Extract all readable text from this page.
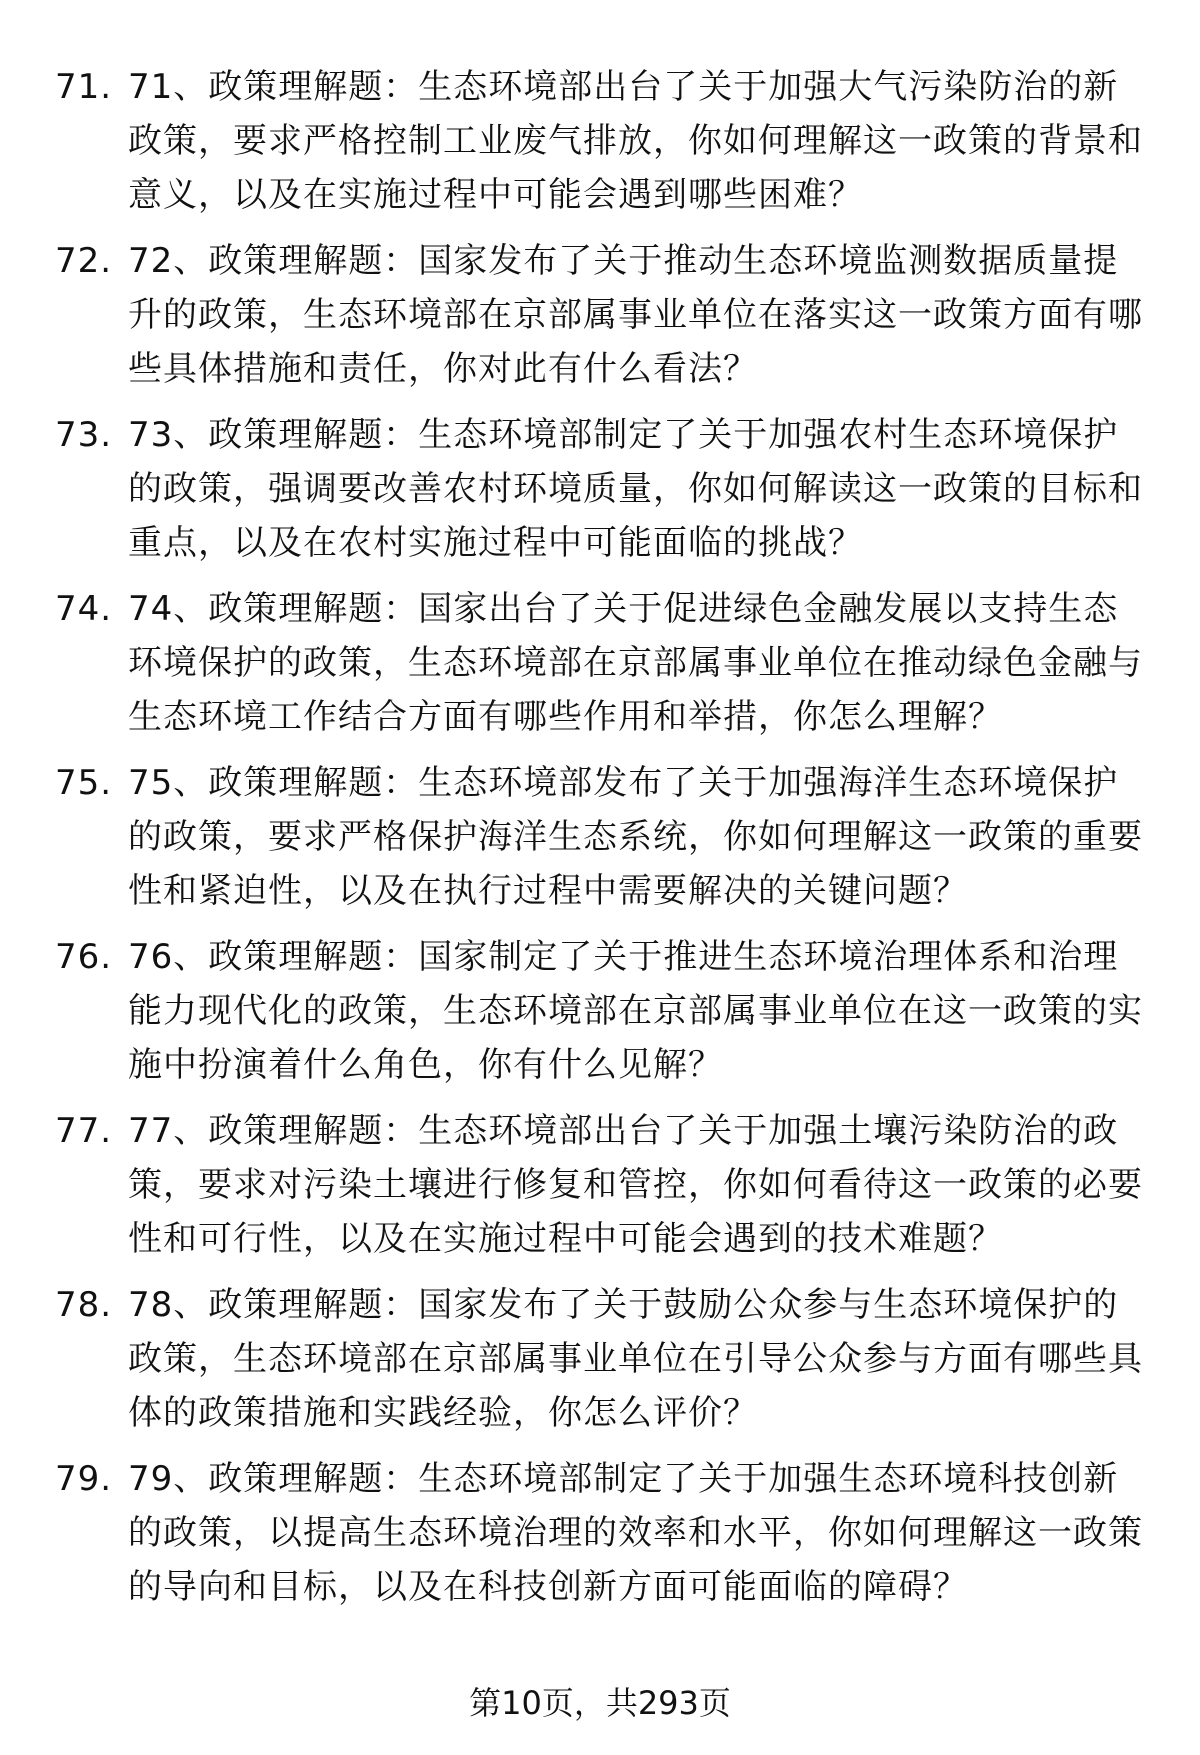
71. 71、政策理解题：生态环境部出台了关于加强大气污染防治的新政策，要求严格控制工业废气排放，你如何理解这一政策的背景和意义，以及在实施过程中可能会遇到哪些困难？

72. 72、政策理解题：国家发布了关于推动生态环境监测数据质量提升的政策，生态环境部在京部属事业单位在落实这一政策方面有哪些具体措施和责任，你对此有什么看法？

73. 73、政策理解题：生态环境部制定了关于加强农村生态环境保护的政策，强调要改善农村环境质量，你如何解读这一政策的目标和重点，以及在农村实施过程中可能面临的挑战？

74. 74、政策理解题：国家出台了关于促进绿色金融发展以支持生态环境保护的政策，生态环境部在京部属事业单位在推动绿色金融与生态环境工作结合方面有哪些作用和举措，你怎么理解？

75. 75、政策理解题：生态环境部发布了关于加强海洋生态环境保护的政策，要求严格保护海洋生态系统，你如何理解这一政策的重要性和紧迫性，以及在执行过程中需要解决的关键问题？

76. 76、政策理解题：国家制定了关于推进生态环境治理体系和治理能力现代化的政策，生态环境部在京部属事业单位在这一政策的实施中扮演着什么角色，你有什么见解？

77. 77、政策理解题：生态环境部出台了关于加强土壤污染防治的政策，要求对污染土壤进行修复和管控，你如何看待这一政策的必要性和可行性，以及在实施过程中可能会遇到的技术难题？

78. 78、政策理解题：国家发布了关于鼓励公众参与生态环境保护的政策，生态环境部在京部属事业单位在引导公众参与方面有哪些具体的政策措施和实践经验，你怎么评价？

79. 79、政策理解题：生态环境部制定了关于加强生态环境科技创新的政策，以提高生态环境治理的效率和水平，你如何理解这一政策的导向和目标，以及在科技创新方面可能面临的障碍？

第10页，共293页
